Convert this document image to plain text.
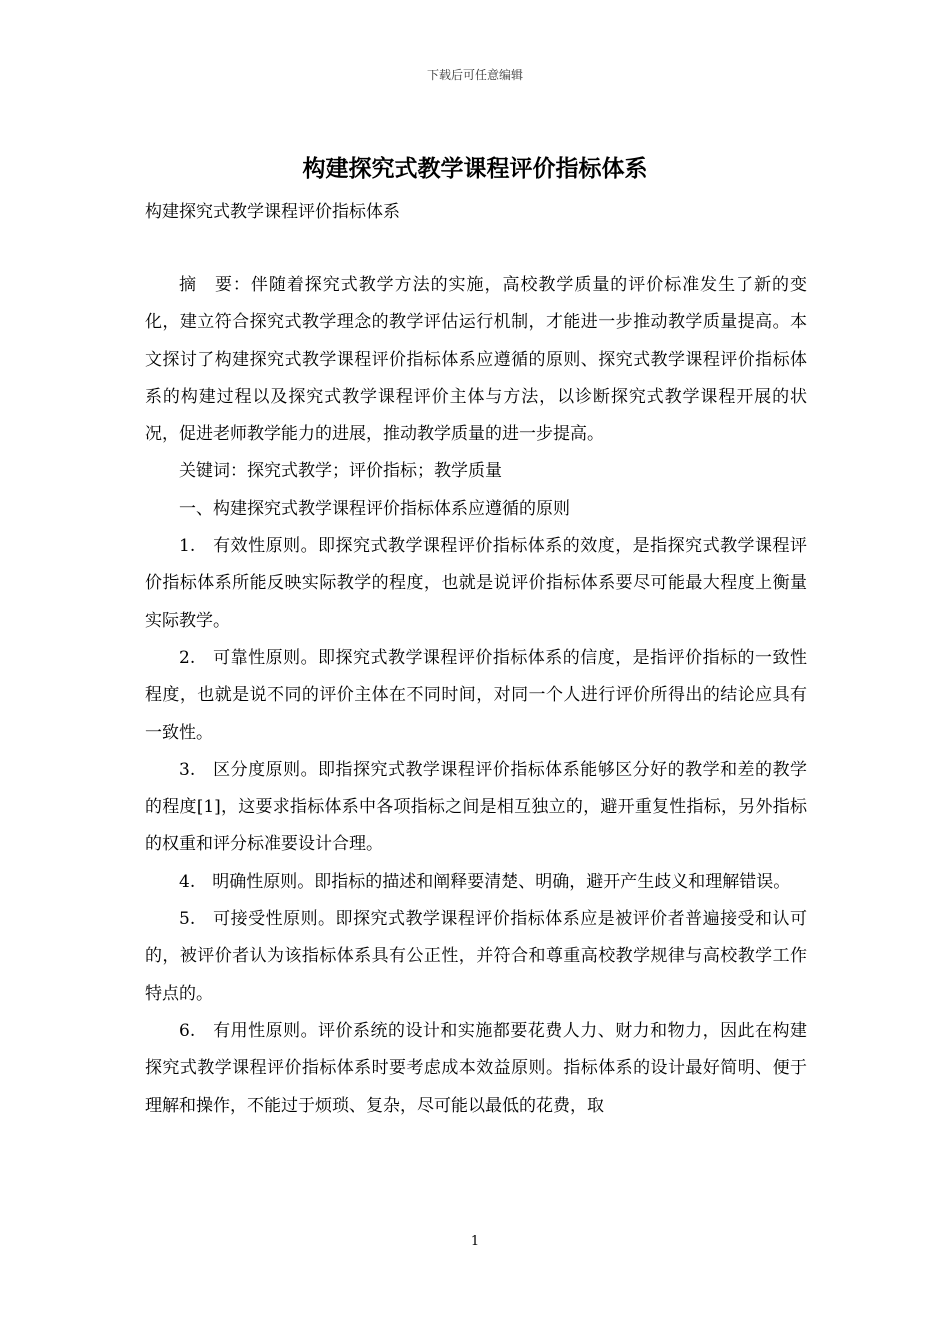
下载后可任意编辑
构建探究式教学课程评价指标体系

构建探究式教学课程评价指标体系

摘　要：伴随着探究式教学方法的实施，高校教学质量的评价标准发生了新的变化，建立符合探究式教学理念的教学评估运行机制，才能进一步推动教学质量提高。本文探讨了构建探究式教学课程评价指标体系应遵循的原则、探究式教学课程评价指标体系的构建过程以及探究式教学课程评价主体与方法，以诊断探究式教学课程开展的状况，促进老师教学能力的进展，推动教学质量的进一步提高。

关键词：探究式教学；评价指标；教学质量

一、构建探究式教学课程评价指标体系应遵循的原则

1.　有效性原则。即探究式教学课程评价指标体系的效度，是指探究式教学课程评价指标体系所能反映实际教学的程度，也就是说评价指标体系要尽可能最大程度上衡量实际教学。

2.　可靠性原则。即探究式教学课程评价指标体系的信度，是指评价指标的一致性程度，也就是说不同的评价主体在不同时间，对同一个人进行评价所得出的结论应具有一致性。

3.　区分度原则。即指探究式教学课程评价指标体系能够区分好的教学和差的教学的程度[1]，这要求指标体系中各项指标之间是相互独立的，避开重复性指标，另外指标的权重和评分标准要设计合理。

4.　明确性原则。即指标的描述和阐释要清楚、明确，避开产生歧义和理解错误。

5.　可接受性原则。即探究式教学课程评价指标体系应是被评价者普遍接受和认可的，被评价者认为该指标体系具有公正性，并符合和尊重高校教学规律与高校教学工作特点的。

6.　有用性原则。评价系统的设计和实施都要花费人力、财力和物力，因此在构建探究式教学课程评价指标体系时要考虑成本效益原则。指标体系的设计最好简明、便于理解和操作，不能过于烦琐、复杂，尽可能以最低的花费，取

1
